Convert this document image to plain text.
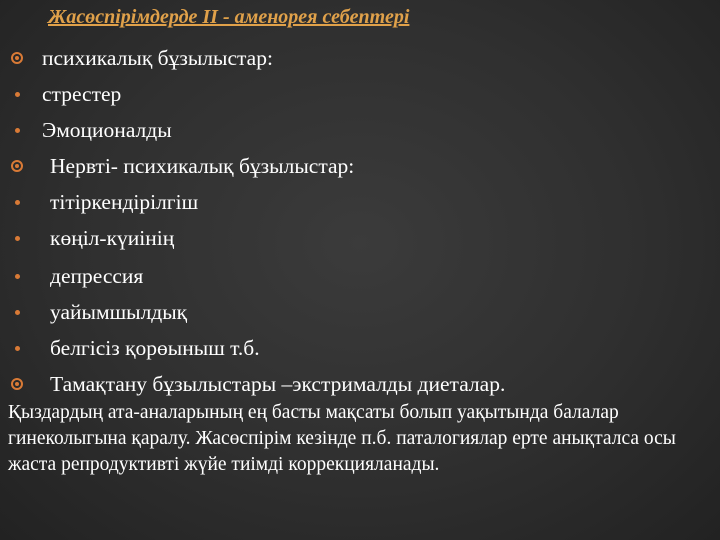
Жасөспірімдерде ІІ - аменорея себептері
психикалық бұзылыстар:
стрестер
Эмоционалды
Нервті- психикалық бұзылыстар:
тітіркендірілгіш
көңіл-күиінің
депрессия
уайымшылдық
белгісіз қорөыныш т.б.
Тамақтану бұзылыстары –экстрималды диеталар.
Қыздардың ата-аналарының ең басты мақсаты болып уақытында балалар гинеколыгына қаралу. Жасөспірім кезінде п.б. паталогиялар ерте анықталса осы жаста репродуктивті жүйе тиімді коррекцияланады.
